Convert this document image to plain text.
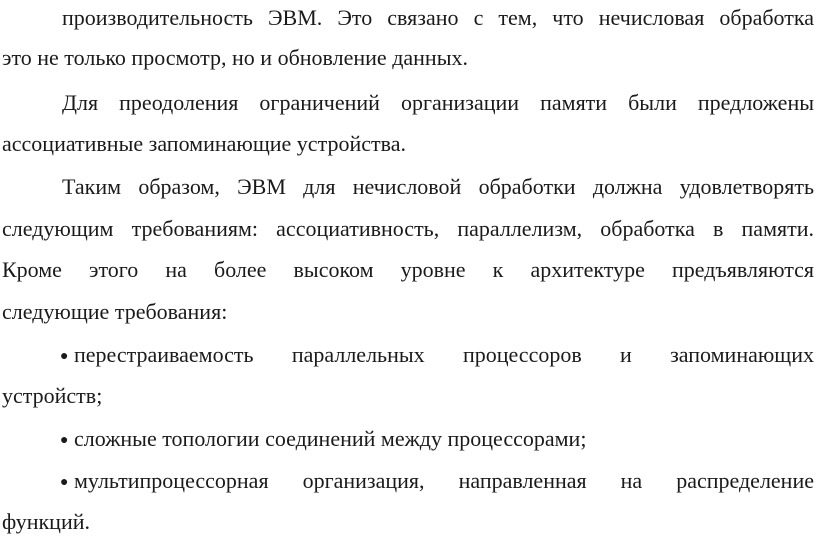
производительность ЭВМ. Это связано с тем, что нечисловая обработка
это не только просмотр, но и обновление данных.
Для преодоления ограничений организации памяти были предложены
ассоциативные запоминающие устройства.
Таким образом, ЭВМ для нечисловой обработки должна удовлетворять
следующим требованиям: ассоциативность, параллелизм, обработка в памяти.
Кроме этого на более высоком уровне к архитектуре предъявляются
следующие требования:
● перестраиваемость параллельных процессоров и запоминающих
устройств;
● сложные топологии соединений между процессорами;
● мультипроцессорная организация, направленная на распределение
функций.
